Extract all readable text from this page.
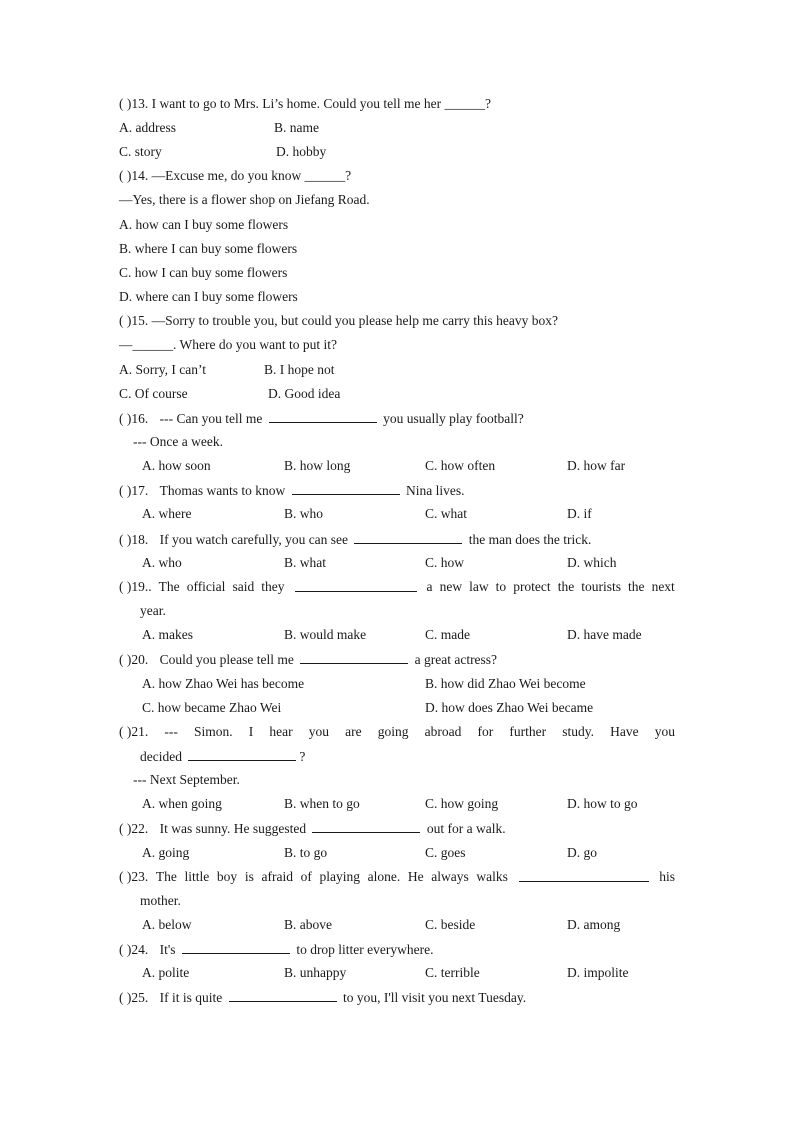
( )13. I want to go to Mrs. Li’s home. Could you tell me her ______?
A. address	B. name
C. story	D. hobby
( )14. —Excuse me, do you know ______?
—Yes, there is a flower shop on Jiefang Road.
A. how can I buy some flowers
B. where I can buy some flowers
C. how I can buy some flowers
D. where can I buy some flowers
( )15. —Sorry to trouble you, but could you please help me carry this heavy box?
—______. Where do you want to put it?
A. Sorry, I can’t	B. I hope not
C. Of course	D. Good idea
( )16. --- Can you tell me	you usually play football?
--- Once a week.
A. how soon	B. how long	C. how often	D. how far
( )17. Thomas wants to know	Nina lives.
A. where	B. who	C. what	D. if
( )18. If you watch carefully, you can see	the man does the trick.
A. who	B. what	C. how	D. which
( )19.. The official said they	a new law to protect the tourists the next
year.
A. makes	B. would make	C. made	D. have made
( )20. Could you please tell me	a great actress?
A. how Zhao Wei has become	B. how did Zhao Wei become
C. how became Zhao Wei	D. how does Zhao Wei became
( )21. --- Simon. I hear you are going abroad for further study. Have you
decided	?
--- Next September.
A. when going	B. when to go	C. how going	D. how to go
( )22. It was sunny. He suggested	out for a walk.
A. going	B. to go	C. goes	D. go
( )23. The little boy is afraid of playing alone. He always walks	his
mother.
A. below	B. above	C. beside	D. among
( )24. It's	to drop litter everywhere.
A. polite	B. unhappy	C. terrible	D. impolite
( )25. If it is quite	to you, I'll visit you next Tuesday.
